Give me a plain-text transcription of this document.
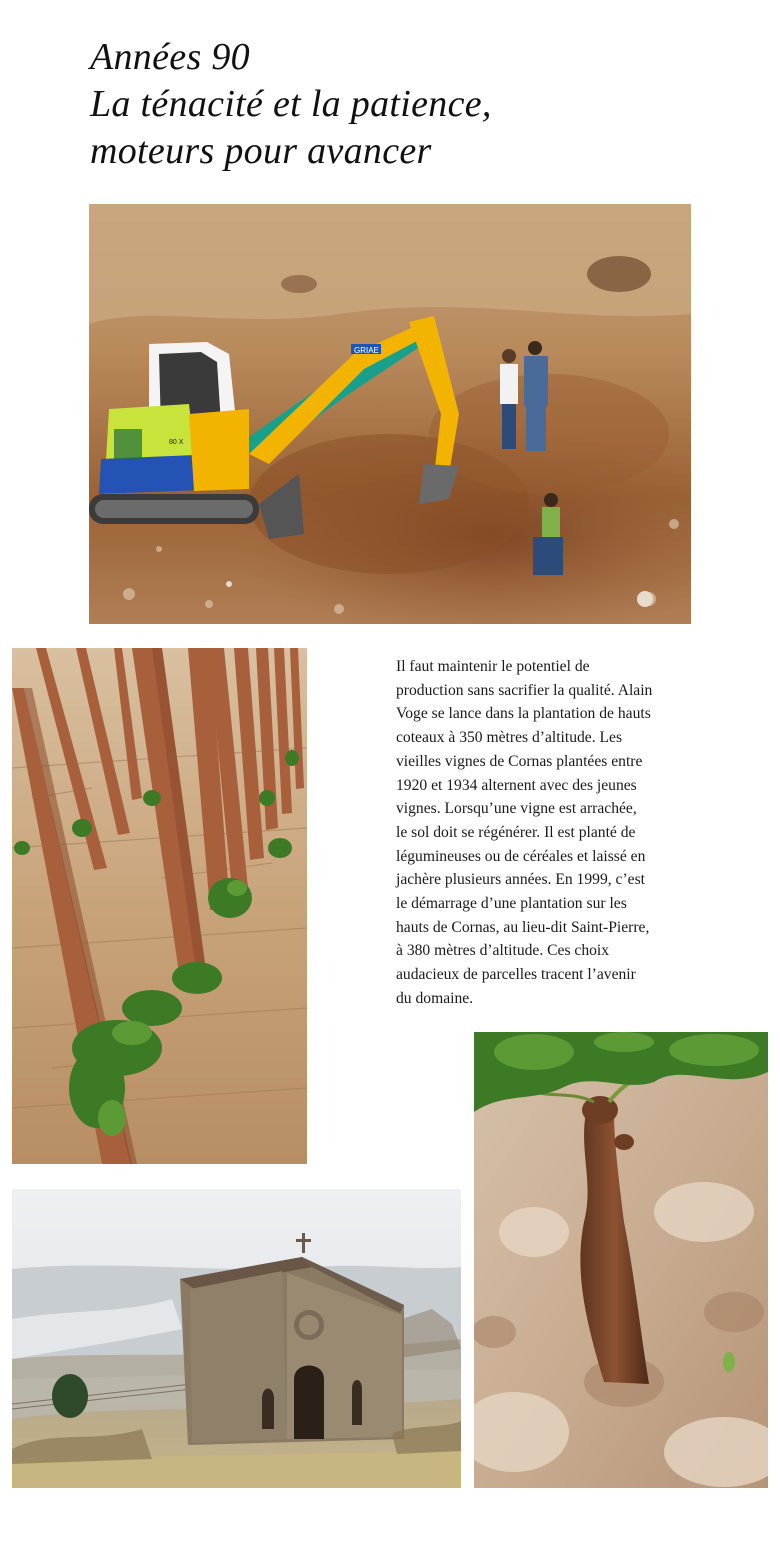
Années 90
La ténacité et la patience,
moteurs pour avancer
GRIAE
80 X
Il faut maintenir le potentiel de
production sans sacrifier la qualité. Alain
Voge se lance dans la plantation de hauts
coteaux à 350 mètres d’altitude. Les
vieilles vignes de Cornas plantées entre
1920 et 1934 alternent avec des jeunes
vignes. Lorsqu’une vigne est arrachée,
le sol doit se régénérer. Il est planté de
légumineuses ou de céréales et laissé en
jachère plusieurs années. En 1999, c’est
le démarrage d’une plantation sur les
hauts de Cornas, au lieu-dit Saint-Pierre,
à 380 mètres d’altitude. Ces choix
audacieux de parcelles tracent l’avenir
du domaine.
